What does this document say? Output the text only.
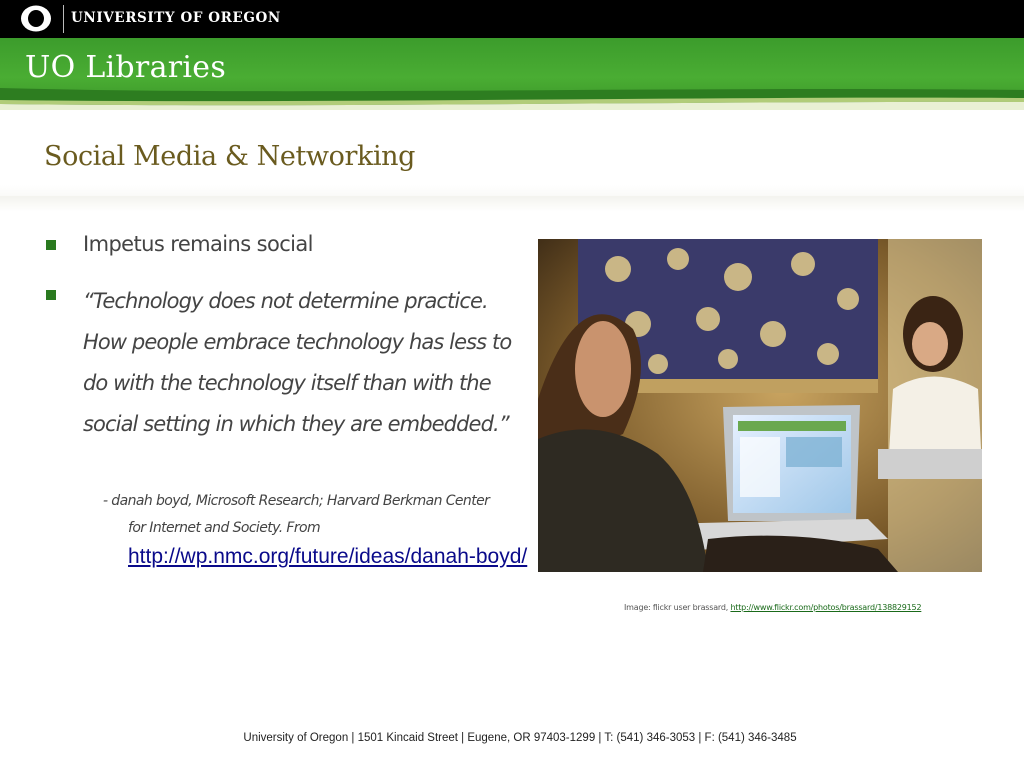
UNIVERSITY OF OREGON
UO Libraries
Social Media & Networking
Impetus remains social
“Technology does not determine practice. How people embrace technology has less to do with the technology itself than with the social setting in which they are embedded.”
- danah boyd, Microsoft Research; Harvard Berkman Center
for Internet and Society. From
http://wp.nmc.org/future/ideas/danah-boyd/
Image: flickr user brassard, http://www.flickr.com/photos/brassard/138829152
University of Oregon | 1501 Kincaid Street | Eugene, OR 97403-1299 | T: (541) 346-3053 | F: (541) 346-3485
